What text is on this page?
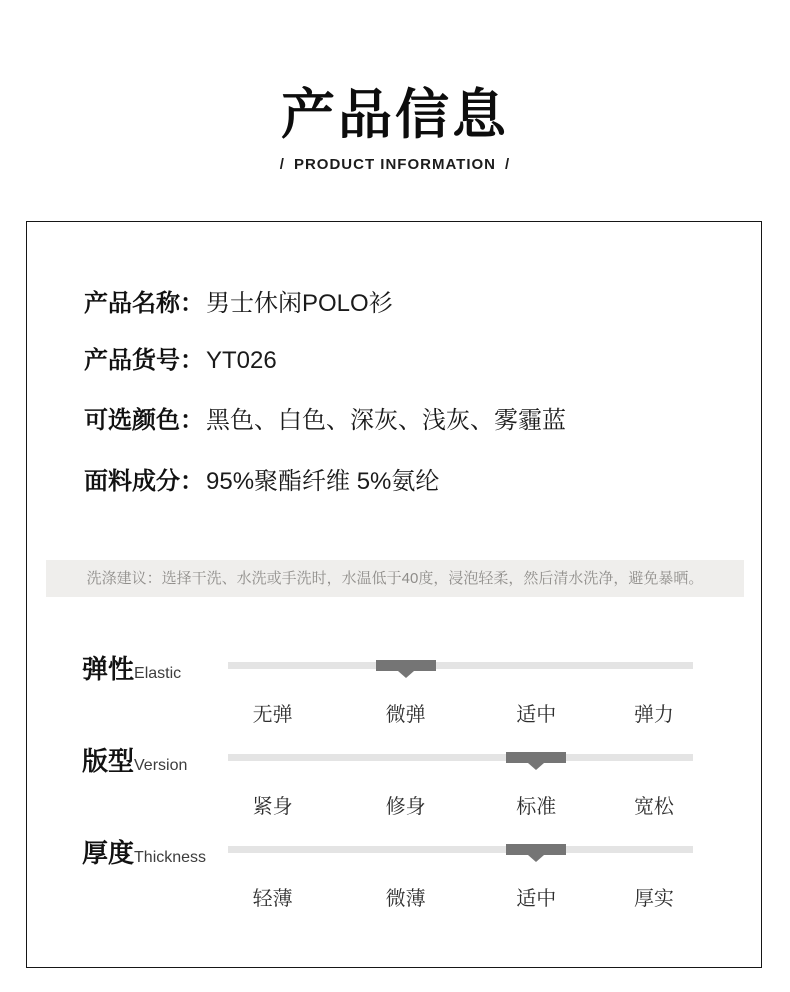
产品信息
/ PRODUCT INFORMATION /
产品名称：男士休闲POLO衫
产品货号：YT026
可选颜色：黑色、白色、深灰、浅灰、雾霾蓝
面料成分：95%聚酯纤维 5%氨纶
洗涤建议：选择干洗、水洗或手洗时，水温低于40度，浸泡轻柔，然后清水洗净，避免暴晒。
弹性Elastic
无弹	微弹	适中	弹力
版型Version
紧身	修身	标准	宽松
厚度Thickness
轻薄	微薄	适中	厚实
